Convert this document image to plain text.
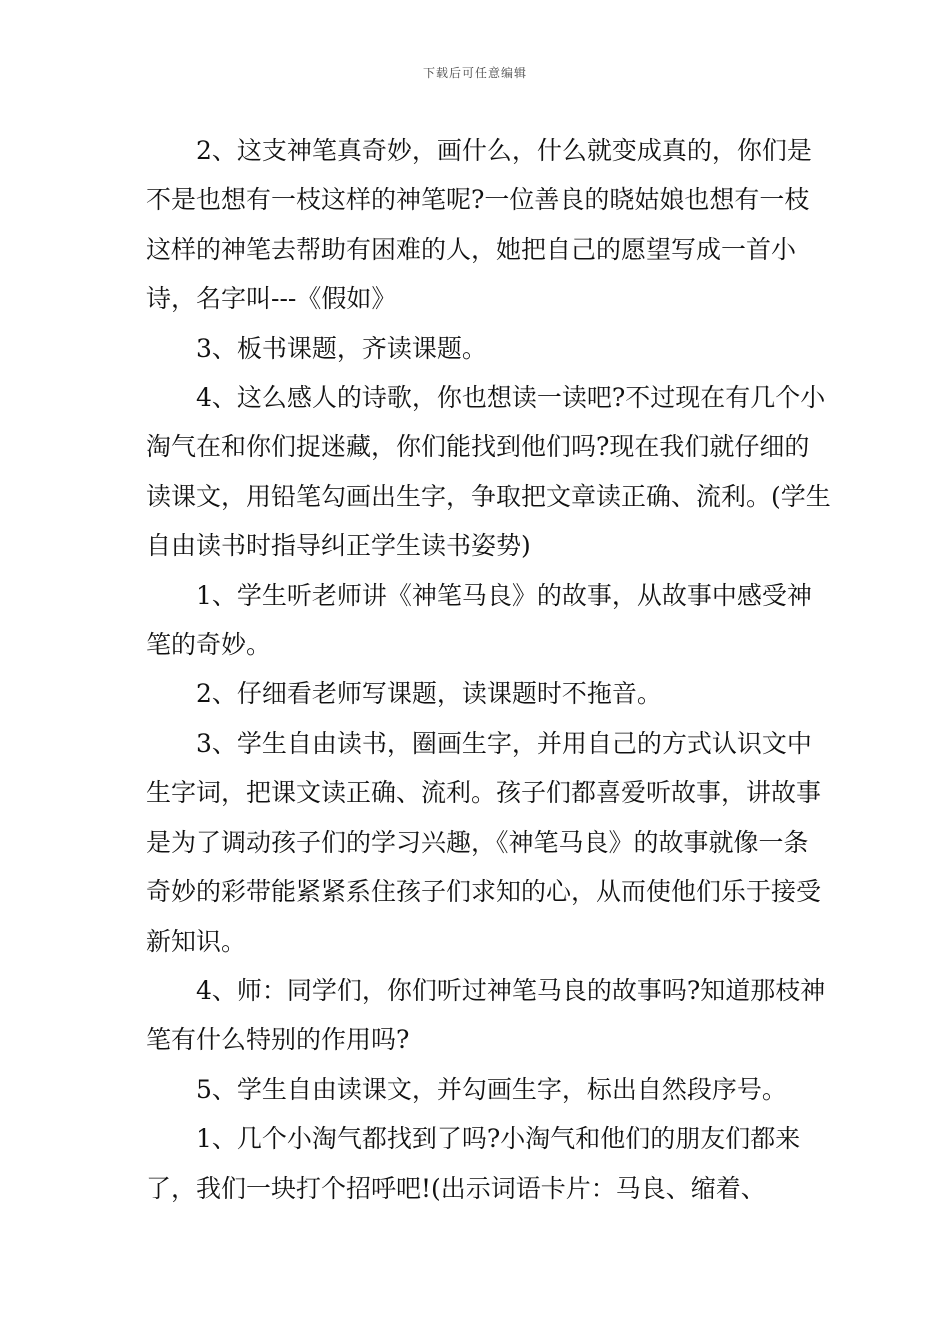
下载后可任意编辑

2、这支神笔真奇妙，画什么，什么就变成真的，你们是不是也想有一枝这样的神笔呢?一位善良的晓姑娘也想有一枝这样的神笔去帮助有困难的人，她把自己的愿望写成一首小诗，名字叫---《假如》

3、板书课题，齐读课题。

4、这么感人的诗歌，你也想读一读吧?不过现在有几个小淘气在和你们捉迷藏，你们能找到他们吗?现在我们就仔细的读课文，用铅笔勾画出生字，争取把文章读正确、流利。(学生自由读书时指导纠正学生读书姿势)

1、学生听老师讲《神笔马良》的故事，从故事中感受神笔的奇妙。

2、仔细看老师写课题，读课题时不拖音。

3、学生自由读书，圈画生字，并用自己的方式认识文中生字词，把课文读正确、流利。孩子们都喜爱听故事，讲故事是为了调动孩子们的学习兴趣，《神笔马良》的故事就像一条奇妙的彩带能紧紧系住孩子们求知的心，从而使他们乐于接受新知识。

4、师：同学们，你们听过神笔马良的故事吗?知道那枝神笔有什么特别的作用吗?

5、学生自由读课文，并勾画生字，标出自然段序号。

1、几个小淘气都找到了吗?小淘气和他们的朋友们都来了，我们一块打个招呼吧!(出示词语卡片：马良、缩着、
